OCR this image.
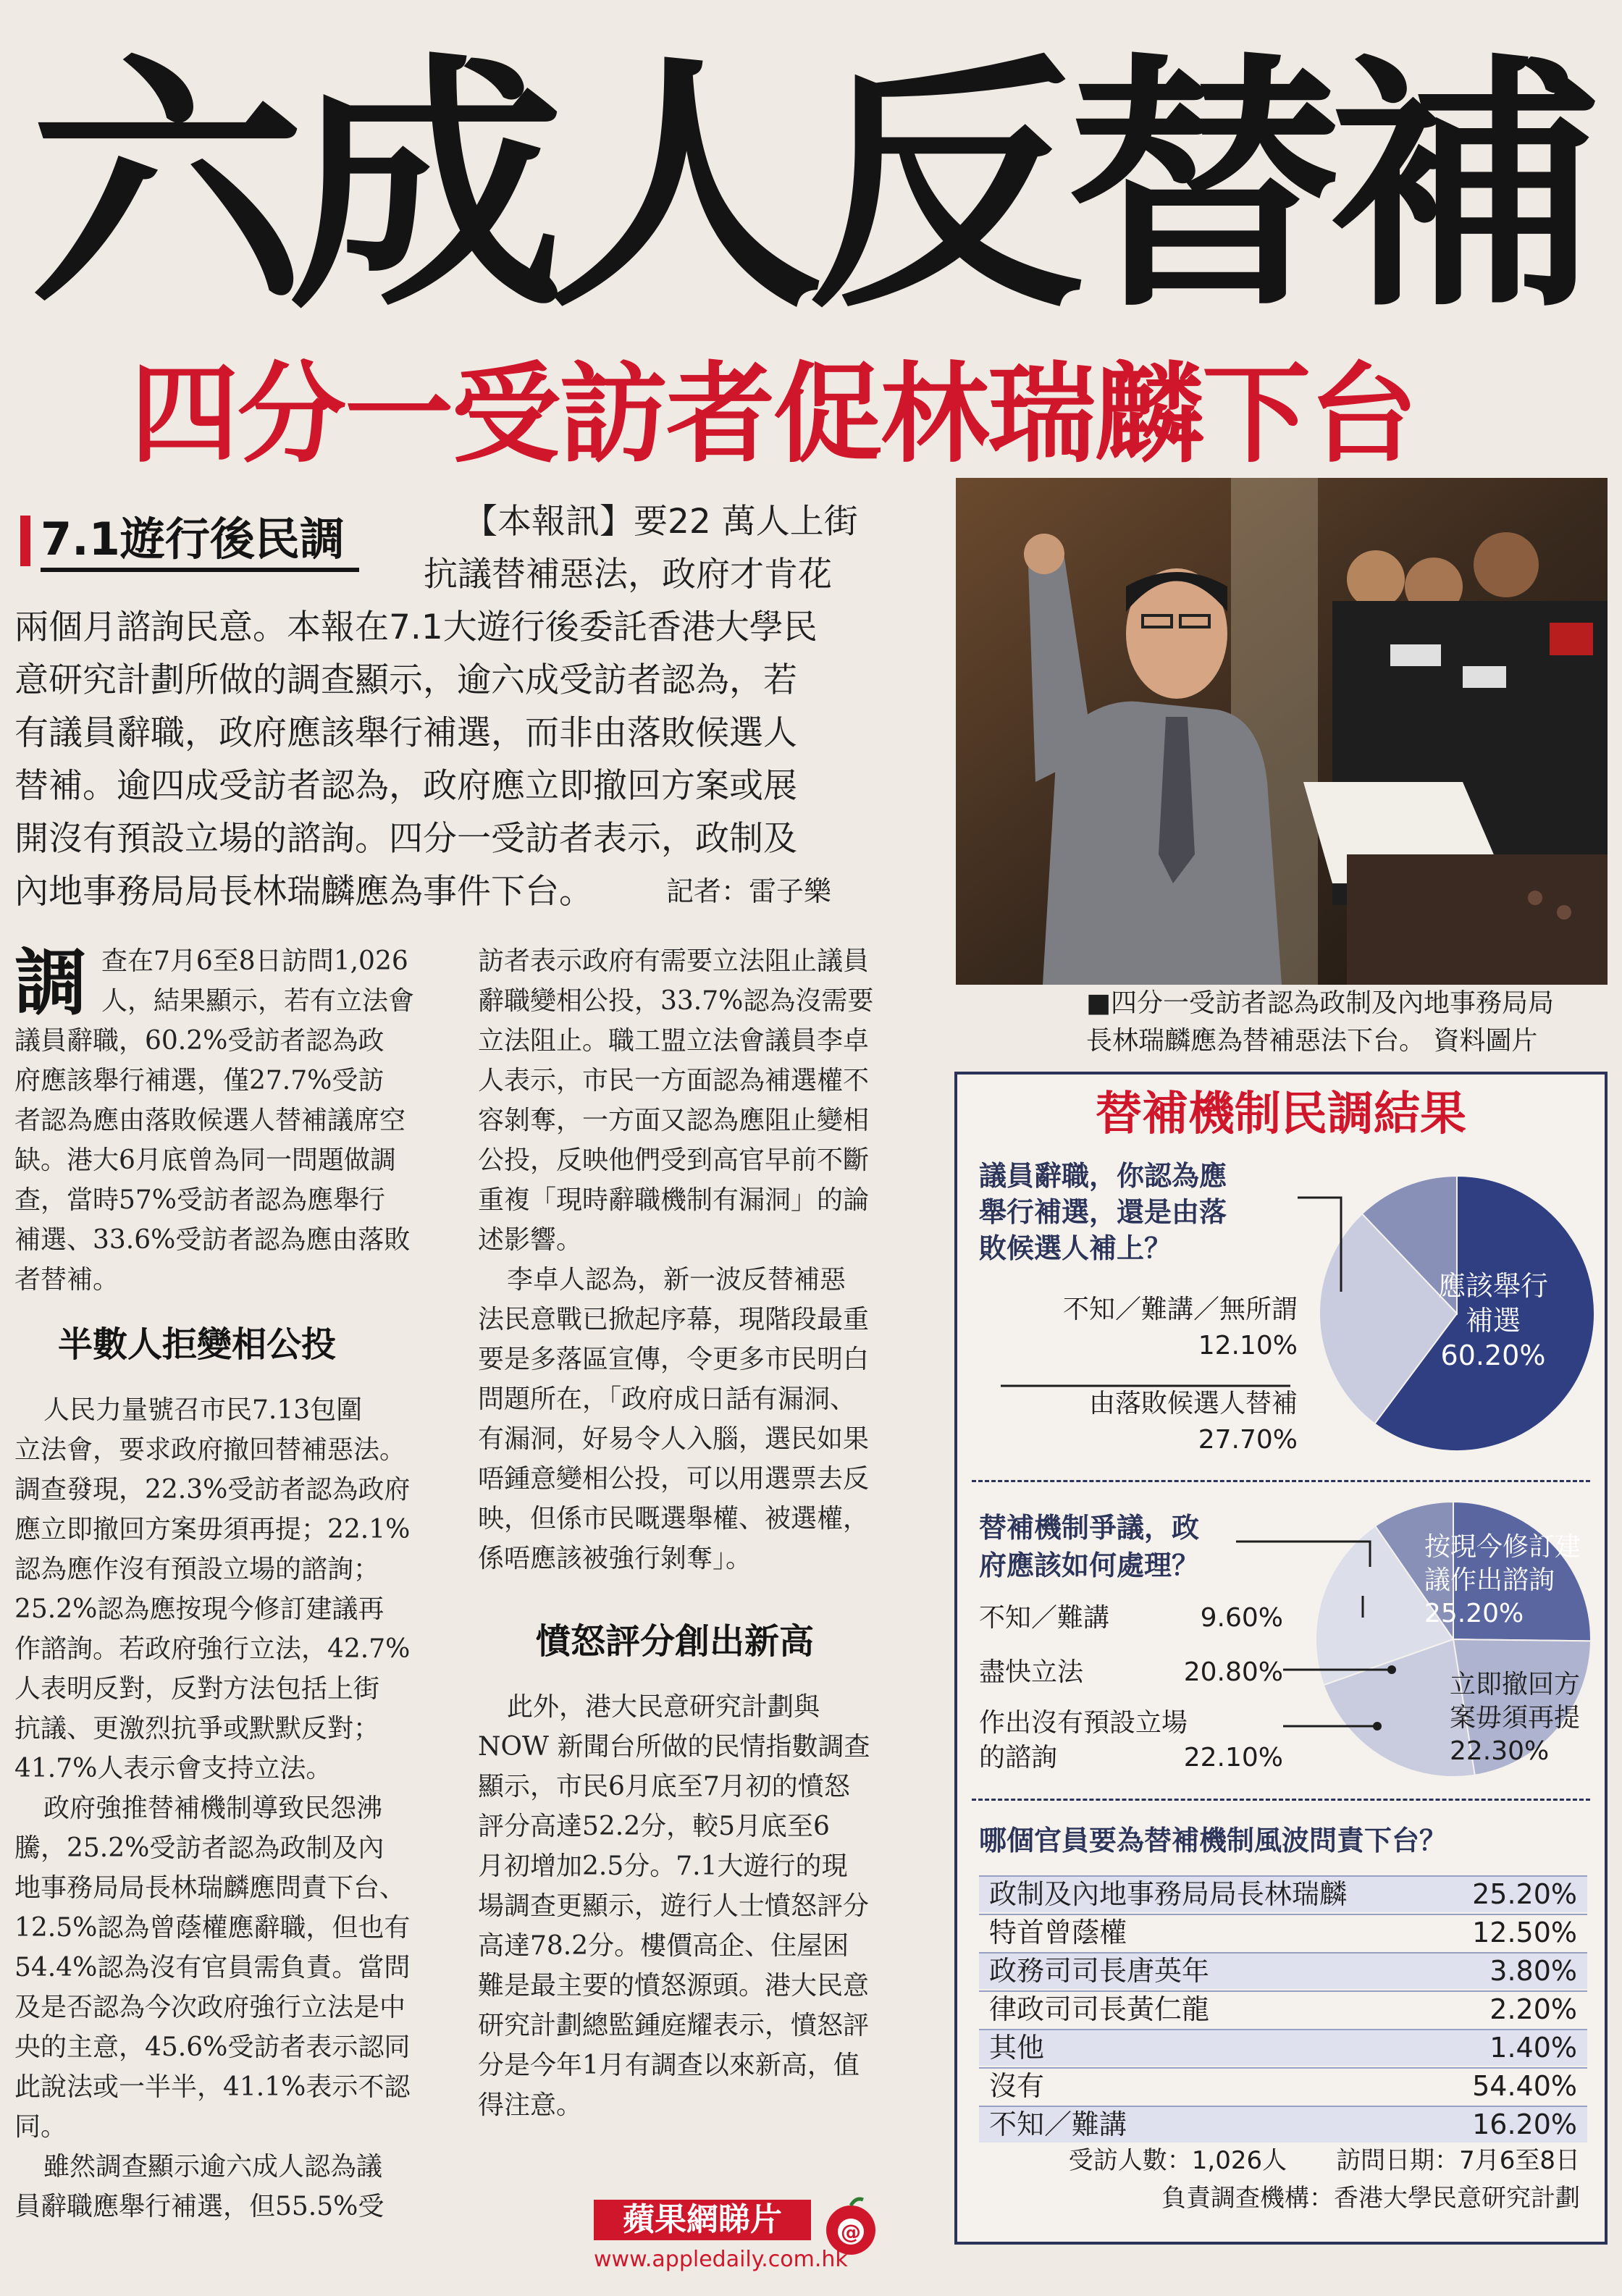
六成人反替補
四分一受訪者促林瑞麟下台
7.1遊行後民調	【本報訊】要22 萬人上街
抗議替補惡法，政府才肯花
兩個月諮詢民意。本報在7.1大遊行後委託香港大學民
意研究計劃所做的調查顯示，逾六成受訪者認為，若
有議員辭職，政府應該舉行補選，而非由落敗候選人
替補。逾四成受訪者認為，政府應立即撤回方案或展
開沒有預設立場的諮詢。四分一受訪者表示，政制及
內地事務局局長林瑞麟應為事件下台。	記者：雷子樂
調 查在7月6至8日訪問1,026
人，結果顯示，若有立法會
議員辭職，60.2%受訪者認為政
府應該舉行補選，僅27.7%受訪
者認為應由落敗候選人替補議席空
缺。港大6月底曾為同一問題做調
查，當時57%受訪者認為應舉行
補選、33.6%受訪者認為應由落敗
者替補。
半數人拒變相公投
人民力量號召市民7.13包圍
立法會，要求政府撤回替補惡法。
調查發現，22.3%受訪者認為政府
應立即撤回方案毋須再提；22.1%
認為應作沒有預設立場的諮詢；
25.2%認為應按現今修訂建議再
作諮詢。若政府強行立法，42.7%
人表明反對，反對方法包括上街
抗議、更激烈抗爭或默默反對；
41.7%人表示會支持立法。
政府強推替補機制導致民怨沸
騰，25.2%受訪者認為政制及內
地事務局局長林瑞麟應問責下台、
12.5%認為曾蔭權應辭職，但也有
54.4%認為沒有官員需負責。當問
及是否認為今次政府強行立法是中
央的主意，45.6%受訪者表示認同
此說法或一半半，41.1%表示不認
同。
雖然調查顯示逾六成人認為議
員辭職應舉行補選，但55.5%受
訪者表示政府有需要立法阻止議員
辭職變相公投，33.7%認為沒需要
立法阻止。職工盟立法會議員李卓
人表示，市民一方面認為補選權不
容剝奪，一方面又認為應阻止變相
公投，反映他們受到高官早前不斷
重複「現時辭職機制有漏洞」的論
述影響。
李卓人認為，新一波反替補惡
法民意戰已掀起序幕，現階段最重
要是多落區宣傳，令更多市民明白
問題所在，「政府成日話有漏洞、
有漏洞，好易令人入腦，選民如果
唔鍾意變相公投，可以用選票去反
映，但係市民嘅選舉權、被選權，
係唔應該被強行剝奪」。
憤怒評分創出新高
此外，港大民意研究計劃與
NOW 新聞台所做的民情指數調查
顯示，市民6月底至7月初的憤怒
評分高達52.2分，較5月底至6
月初增加2.5分。7.1大遊行的現
場調查更顯示，遊行人士憤怒評分
高達78.2分。樓價高企、住屋困
難是最主要的憤怒源頭。港大民意
研究計劃總監鍾庭耀表示，憤怒評
分是今年1月有調查以來新高，值
得注意。
■四分一受訪者認為政制及內地事務局局
長林瑞麟應為替補惡法下台。 資料圖片
替補機制民調結果
議員辭職，你認為應
舉行補選，還是由落
敗候選人補上？
不知／難講／無所謂
12.10%
由落敗候選人替補
27.70%
應該舉行
補選
60.20%
替補機制爭議，政
府應該如何處理？
不知／難講	9.60%
盡快立法	20.80%
作出沒有預設立場
的諮詢	22.10%
按現今修訂建
議作出諮詢
25.20%
立即撤回方
案毋須再提
22.30%
哪個官員要為替補機制風波問責下台？
政制及內地事務局局長林瑞麟	25.20%
特首曾蔭權	12.50%
政務司司長唐英年	3.80%
律政司司長黃仁龍	2.20%
其他	1.40%
沒有	54.40%
不知／難講	16.20%
受訪人數：1,026人　　訪問日期：7月6至8日
負責調查機構：香港大學民意研究計劃
蘋果網睇片	@
www.appledaily.com.hk
